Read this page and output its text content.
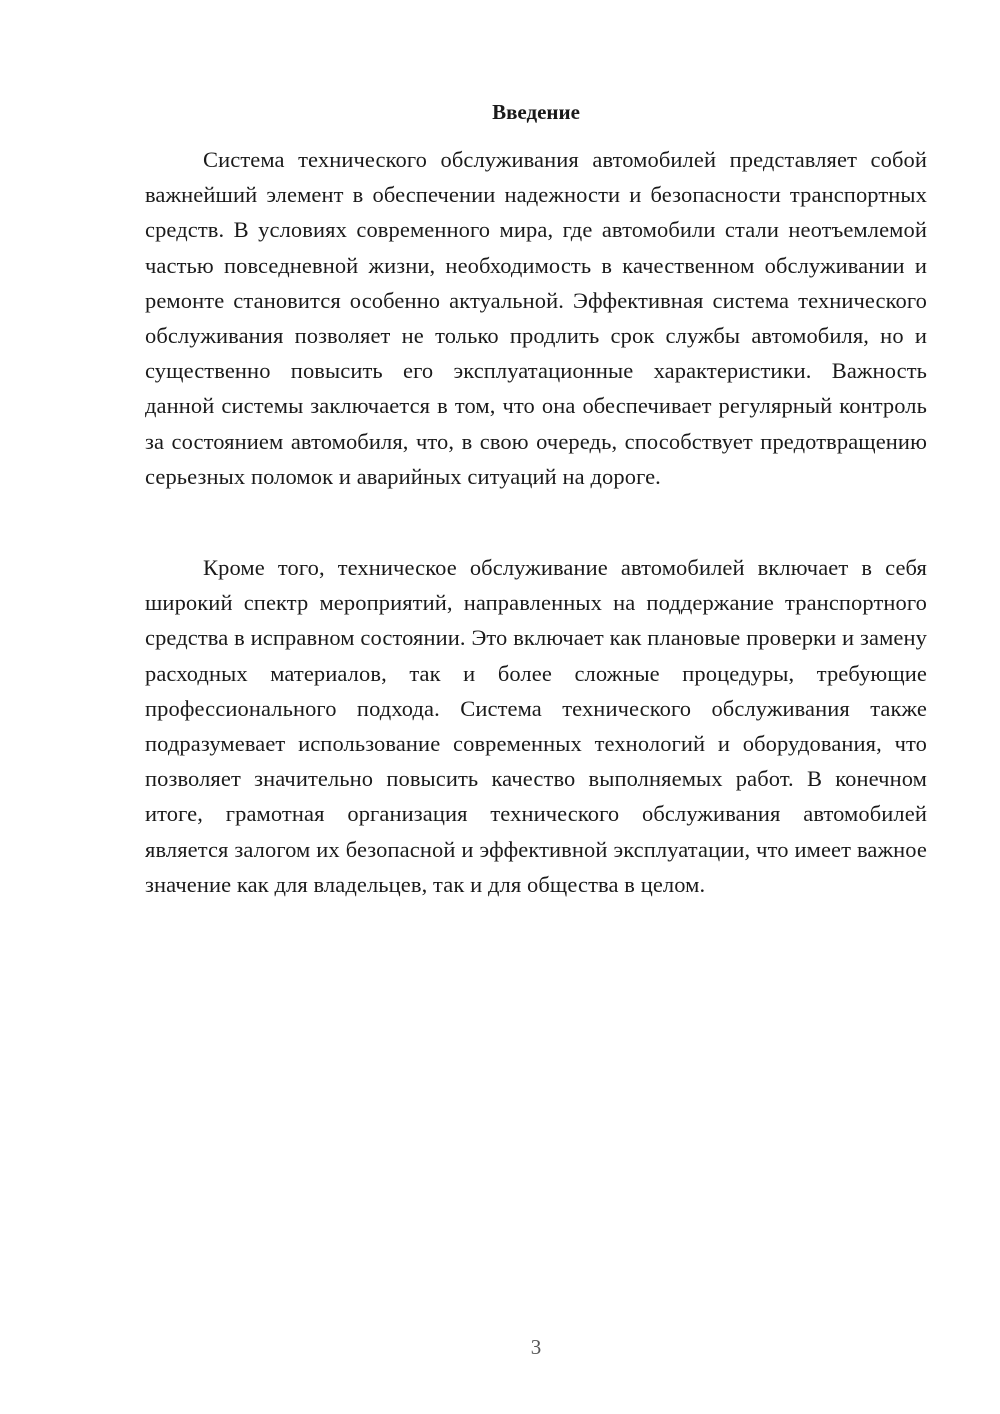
Введение

Система технического обслуживания автомобилей представляет собой важнейший элемент в обеспечении надежности и безопасности транспортных средств. В условиях современного мира, где автомобили стали неотъемлемой частью повседневной жизни, необходимость в качественном обслуживании и ремонте становится особенно актуальной. Эффективная система технического обслуживания позволяет не только продлить срок службы автомобиля, но и существенно повысить его эксплуатационные характеристики. Важность данной системы заключается в том, что она обеспечивает регулярный контроль за состоянием автомобиля, что, в свою очередь, способствует предотвращению серьезных поломок и аварийных ситуаций на дороге.

Кроме того, техническое обслуживание автомобилей включает в себя широкий спектр мероприятий, направленных на поддержание транспортного средства в исправном состоянии. Это включает как плановые проверки и замену расходных материалов, так и более сложные процедуры, требующие профессионального подхода. Система технического обслуживания также подразумевает использование современных технологий и оборудования, что позволяет значительно повысить качество выполняемых работ. В конечном итоге, грамотная организация технического обслуживания автомобилей является залогом их безопасной и эффективной эксплуатации, что имеет важное значение как для владельцев, так и для общества в целом.

3
